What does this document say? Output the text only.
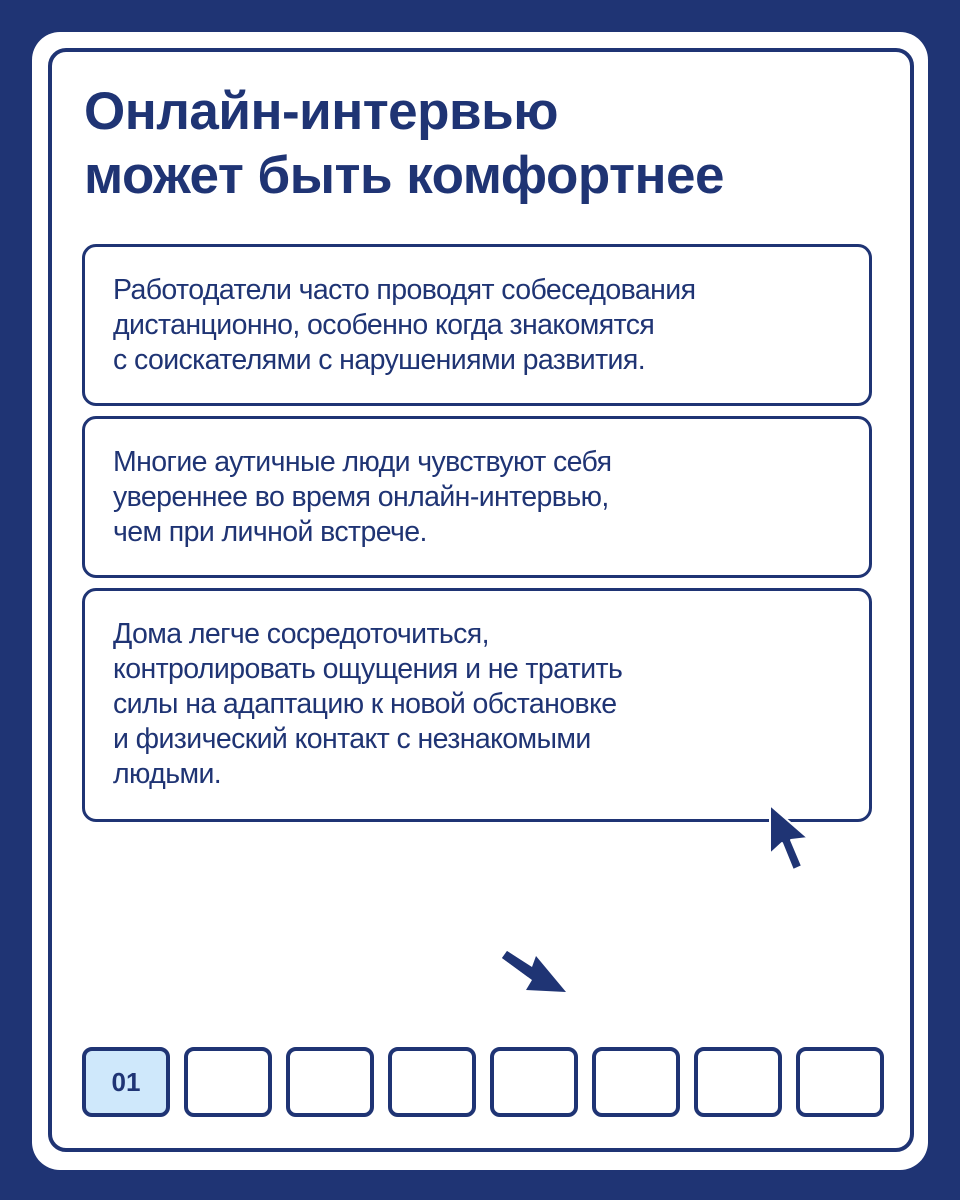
Онлайн-интервью
может быть комфортнее
Работодатели часто проводят собеседования
дистанционно, особенно когда знакомятся
с соискателями с нарушениями развития.
Многие аутичные люди чувствуют себя
увереннее во время онлайн-интервью,
чем при личной встрече.
Дома легче сосредоточиться,
контролировать ощущения и не тратить
силы на адаптацию к новой обстановке
и физический контакт с незнакомыми
людьми.
01
